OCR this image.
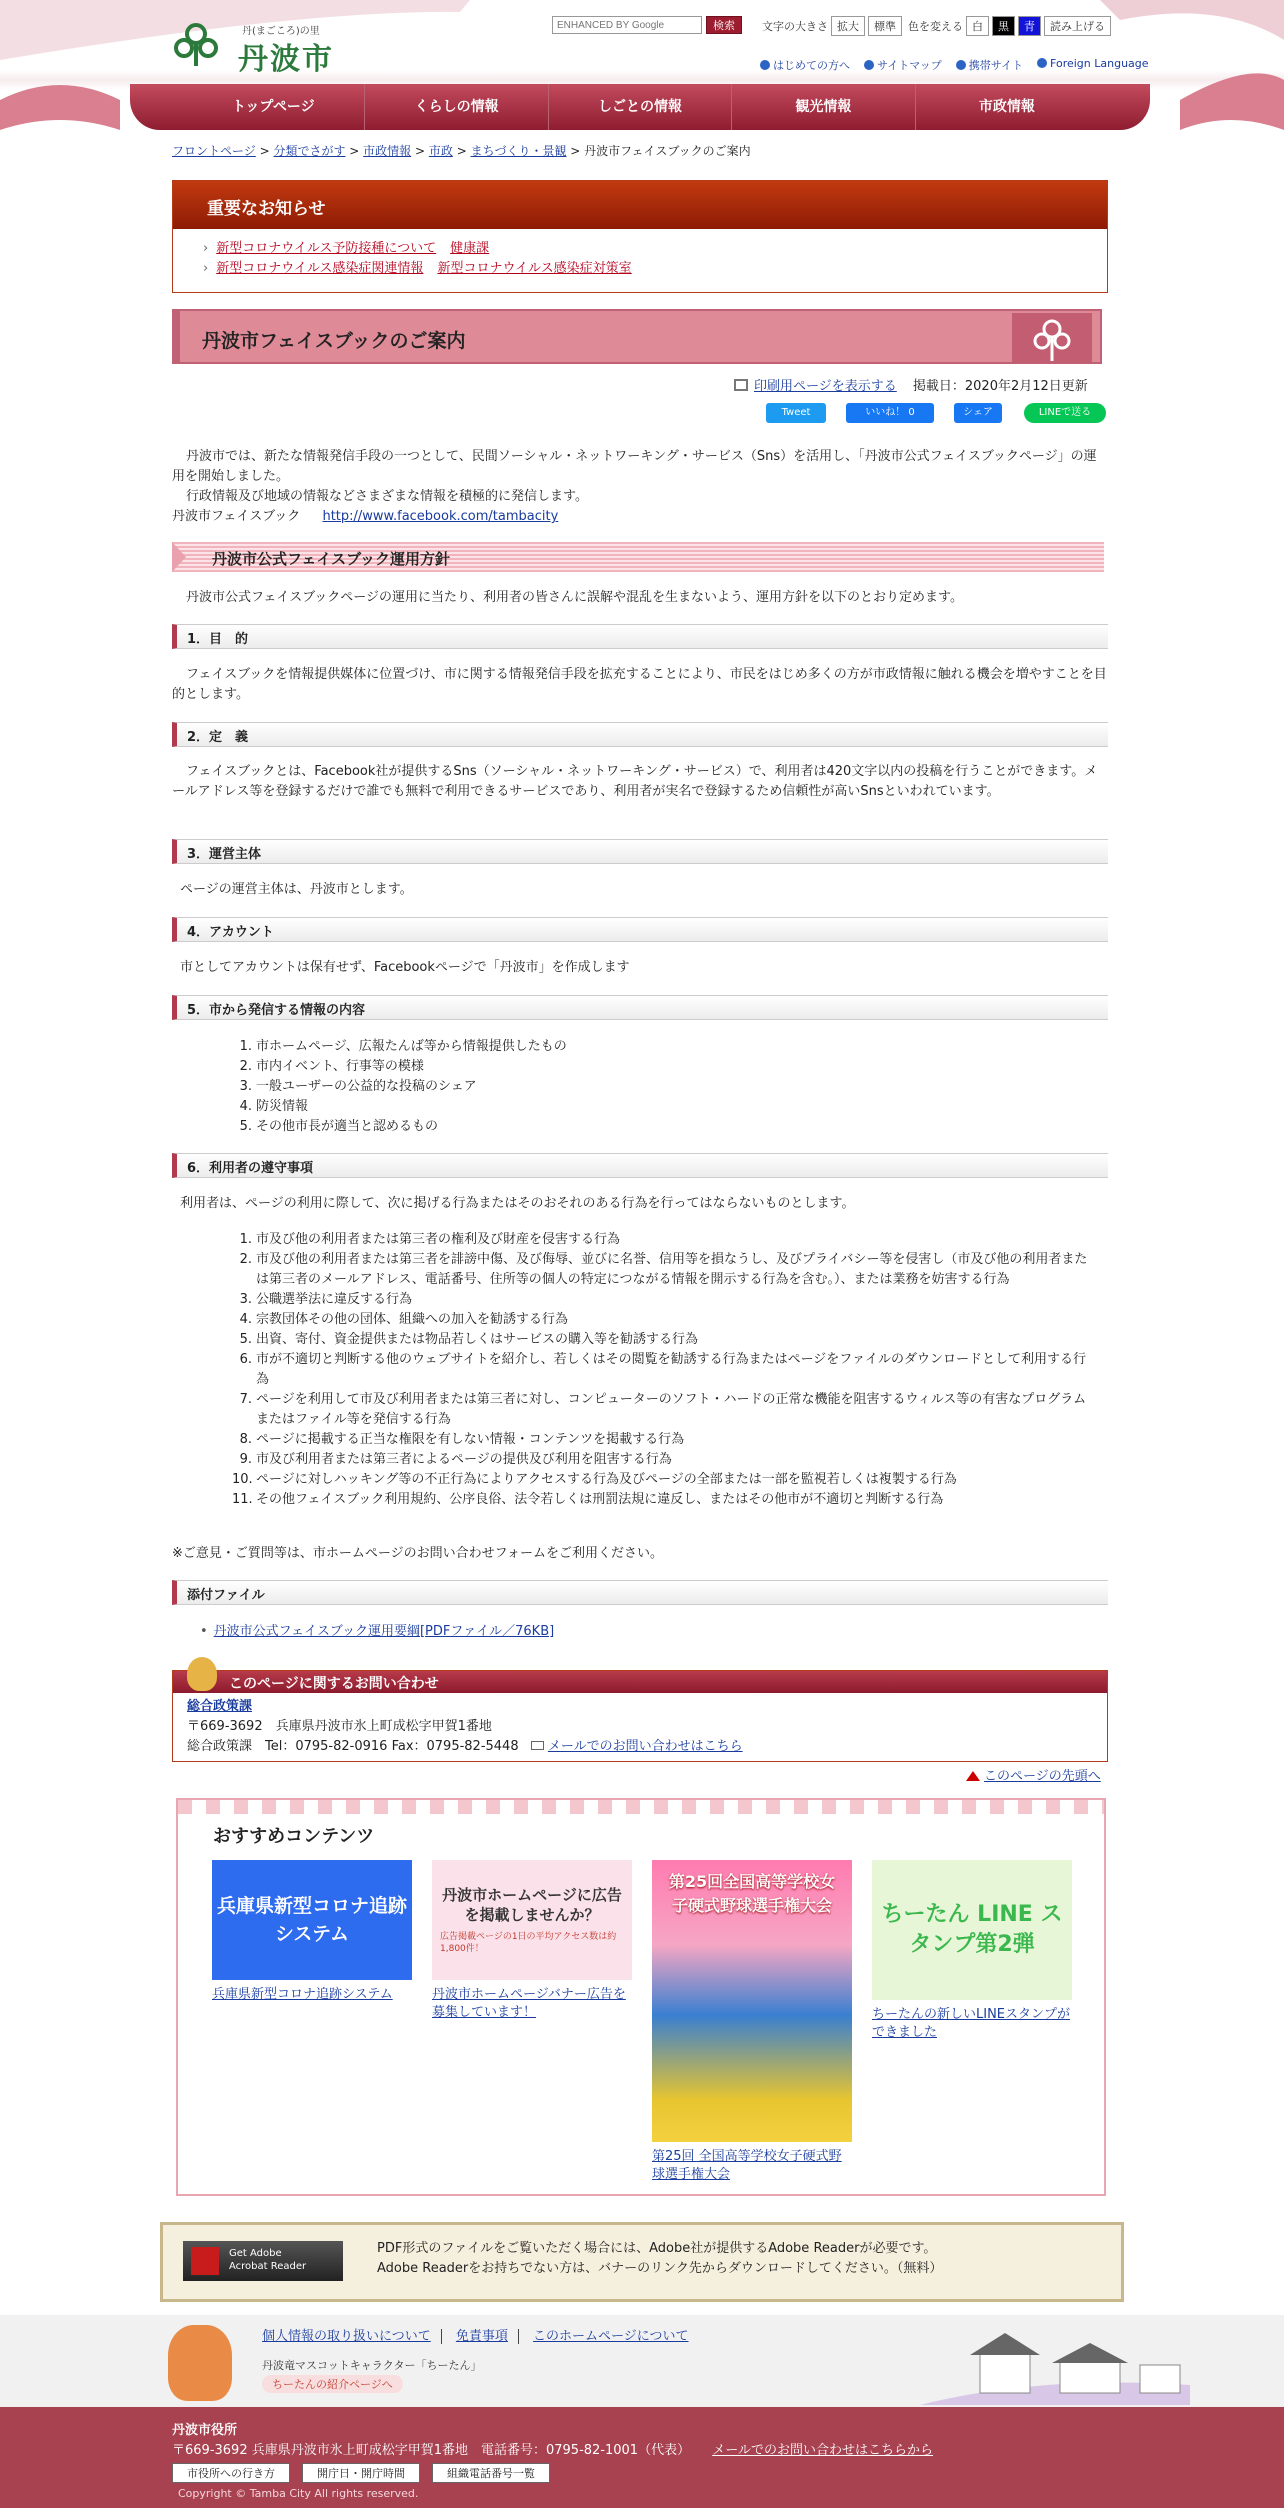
丹(まごころ)の里
丹波市
ENHANCED BY Google
検索	文字の大きさ 拡大	標準	色を変える 白	黒	青	読み上げる
はじめての方へ	サイトマップ	携帯サイト	Foreign Language
トップページ	くらしの情報	しごとの情報	観光情報	市政情報
フロントページ > 分類でさがす > 市政情報 > 市政 > まちづくり・景観 > 丹波市フェイスブックのご案内
重要なお知らせ
› 新型コロナウイルス予防接種について 健康課
› 新型コロナウイルス感染症関連情報 新型コロナウイルス感染症対策室
丹波市フェイスブックのご案内
印刷用ページを表示する 掲載日：2020年2月12日更新
Tweet	いいね！ 0	シェア	LINEで送る
丹波市では、新たな情報発信手段の一つとして、民間ソーシャル・ネットワーキング・サービス（Sns）を活用し、「丹波市公式フェイスブックページ」の運用を開始しました。
行政情報及び地域の情報などさまざまな情報を積極的に発信します。
丹波市フェイスブック http://www.facebook.com/tambacity
丹波市公式フェイスブック運用方針
丹波市公式フェイスブックページの運用に当たり、利用者の皆さんに誤解や混乱を生まないよう、運用方針を以下のとおり定めます。
1．目　的
フェイスブックを情報提供媒体に位置づけ、市に関する情報発信手段を拡充することにより、市民をはじめ多くの方が市政情報に触れる機会を増やすことを目的とします。
2．定　義
フェイスブックとは、Facebook社が提供するSns（ソーシャル・ネットワーキング・サービス）で、利用者は420文字以内の投稿を行うことができます。メールアドレス等を登録するだけで誰でも無料で利用できるサービスであり、利用者が実名で登録するため信頼性が高いSnsといわれています。
3．運営主体
ページの運営主体は、丹波市とします。
4．アカウント
市としてアカウントは保有せず、Facebookページで「丹波市」を作成します
5．市から発信する情報の内容
1. 市ホームページ、広報たんば等から情報提供したもの
2. 市内イベント、行事等の模様
3. 一般ユーザーの公益的な投稿のシェア
4. 防災情報
5. その他市長が適当と認めるもの
6．利用者の遵守事項
利用者は、ページの利用に際して、次に掲げる行為またはそのおそれのある行為を行ってはならないものとします。
1. 市及び他の利用者または第三者の権利及び財産を侵害する行為
2. 市及び他の利用者または第三者を誹謗中傷、及び侮辱、並びに名誉、信用等を損なうし、及びプライバシー等を侵害し（市及び他の利用者または第三者のメールアドレス、電話番号、住所等の個人の特定につながる情報を開示する行為を含む。）、または業務を妨害する行為
3. 公職選挙法に違反する行為
4. 宗教団体その他の団体、組織への加入を勧誘する行為
5. 出資、寄付、資金提供または物品若しくはサービスの購入等を勧誘する行為
6. 市が不適切と判断する他のウェブサイトを紹介し、若しくはその閲覧を勧誘する行為またはページをファイルのダウンロードとして利用する行為
7. ページを利用して市及び利用者または第三者に対し、コンピューターのソフト・ハードの正常な機能を阻害するウィルス等の有害なプログラムまたはファイル等を発信する行為
8. ページに掲載する正当な権限を有しない情報・コンテンツを掲載する行為
9. 市及び利用者または第三者によるページの提供及び利用を阻害する行為
10. ページに対しハッキング等の不正行為によりアクセスする行為及びページの全部または一部を監視若しくは複製する行為
11. その他フェイスブック利用規約、公序良俗、法令若しくは刑罰法規に違反し、またはその他市が不適切と判断する行為
※ご意見・ご質問等は、市ホームページのお問い合わせフォームをご利用ください。
添付ファイル
• 丹波市公式フェイスブック運用要綱[PDFファイル／76KB]
このページに関するお問い合わせ
総合政策課
〒669-3692　兵庫県丹波市氷上町成松字甲賀1番地
総合政策課　Tel：0795-82-0916 Fax：0795-82-5448 メールでのお問い合わせはこちら
このページの先頭へ
おすすめコンテンツ
兵庫県新型コロナ追跡システム
兵庫県新型コロナ追跡システム
丹波市ホームページに広告を掲載しませんか？
広告掲載ページの1日の平均アクセス数は約1,800件！
丹波市ホームページバナー広告を募集しています！
第25回全国高等学校女子硬式野球選手権大会
第25回 全国高等学校女子硬式野球選手権大会
ちーたん LINE スタンプ第2弾
ちーたんの新しいLINEスタンプができました
Get Adobe
Acrobat Reader
PDF形式のファイルをご覧いただく場合には、Adobe社が提供するAdobe Readerが必要です。
Adobe Readerをお持ちでない方は、バナーのリンク先からダウンロードしてください。（無料）
個人情報の取り扱いについて 免責事項 このホームページについて
丹波竜マスコットキャラクター「ちーたん」
ちーたんの紹介ページへ
丹波市役所
〒669-3692 兵庫県丹波市氷上町成松字甲賀1番地　電話番号：0795-82-1001（代表） メールでのお問い合わせはこちらから
市役所への行き方	開庁日・開庁時間	組織電話番号一覧
Copyright © Tamba City All rights reserved.
